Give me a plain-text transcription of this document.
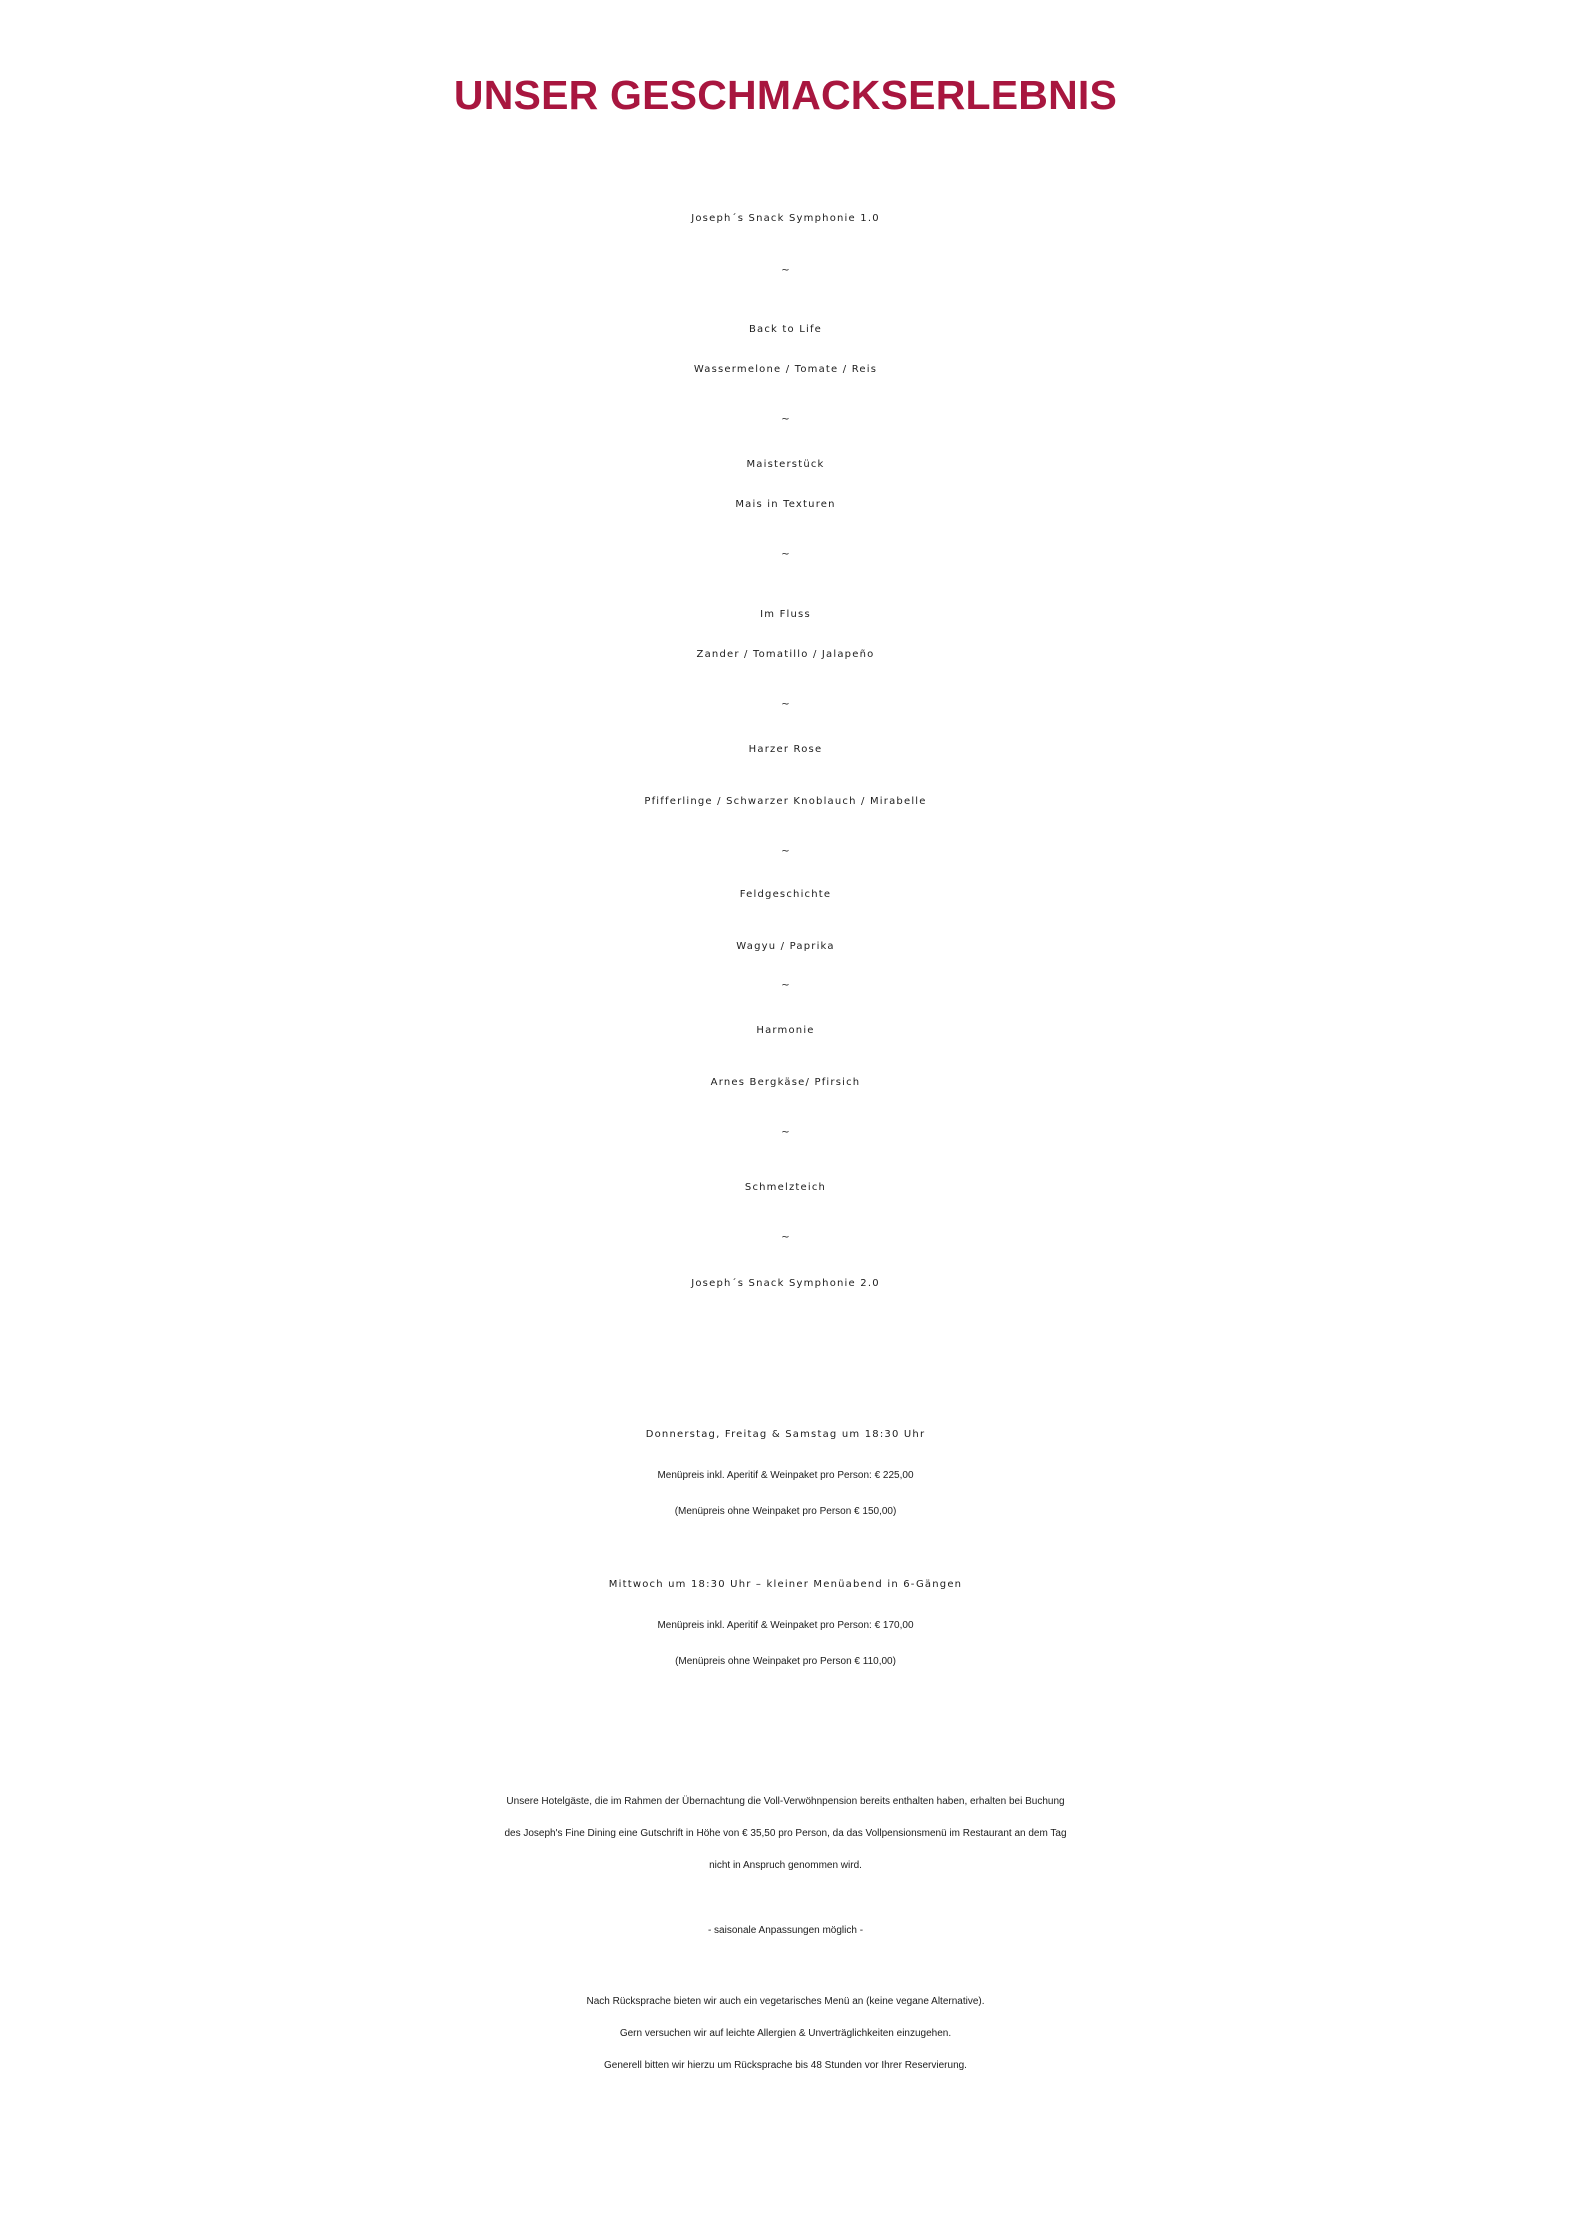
UNSER GESCHMACKSERLEBNIS
Joseph´s Snack Symphonie 1.0
~
Back to Life
Wassermelone / Tomate / Reis
~
Maisterstück
Mais in Texturen
~
Im Fluss
Zander / Tomatillo / Jalapeño
~
Harzer Rose
Pfifferlinge / Schwarzer Knoblauch / Mirabelle
~
Feldgeschichte
Wagyu / Paprika
~
Harmonie
Arnes Bergkäse/ Pfirsich
~
Schmelzteich
~
Joseph´s Snack Symphonie 2.0
Donnerstag, Freitag & Samstag um 18:30 Uhr
Menüpreis inkl. Aperitif & Weinpaket pro Person: € 225,00
(Menüpreis ohne Weinpaket pro Person € 150,00)
Mittwoch um 18:30 Uhr – kleiner Menüabend in 6-Gängen
Menüpreis inkl. Aperitif & Weinpaket pro Person: € 170,00
(Menüpreis ohne Weinpaket pro Person € 110,00)
Unsere Hotelgäste, die im Rahmen der Übernachtung die Voll-Verwöhnpension bereits enthalten haben, erhalten bei Buchung
des Joseph's Fine Dining eine Gutschrift in Höhe von € 35,50 pro Person, da das Vollpensionsmenü im Restaurant an dem Tag
nicht in Anspruch genommen wird.
- saisonale Anpassungen möglich -
Nach Rücksprache bieten wir auch ein vegetarisches Menü an (keine vegane Alternative).
Gern versuchen wir auf leichte Allergien & Unverträglichkeiten einzugehen.
Generell bitten wir hierzu um Rücksprache bis 48 Stunden vor Ihrer Reservierung.
